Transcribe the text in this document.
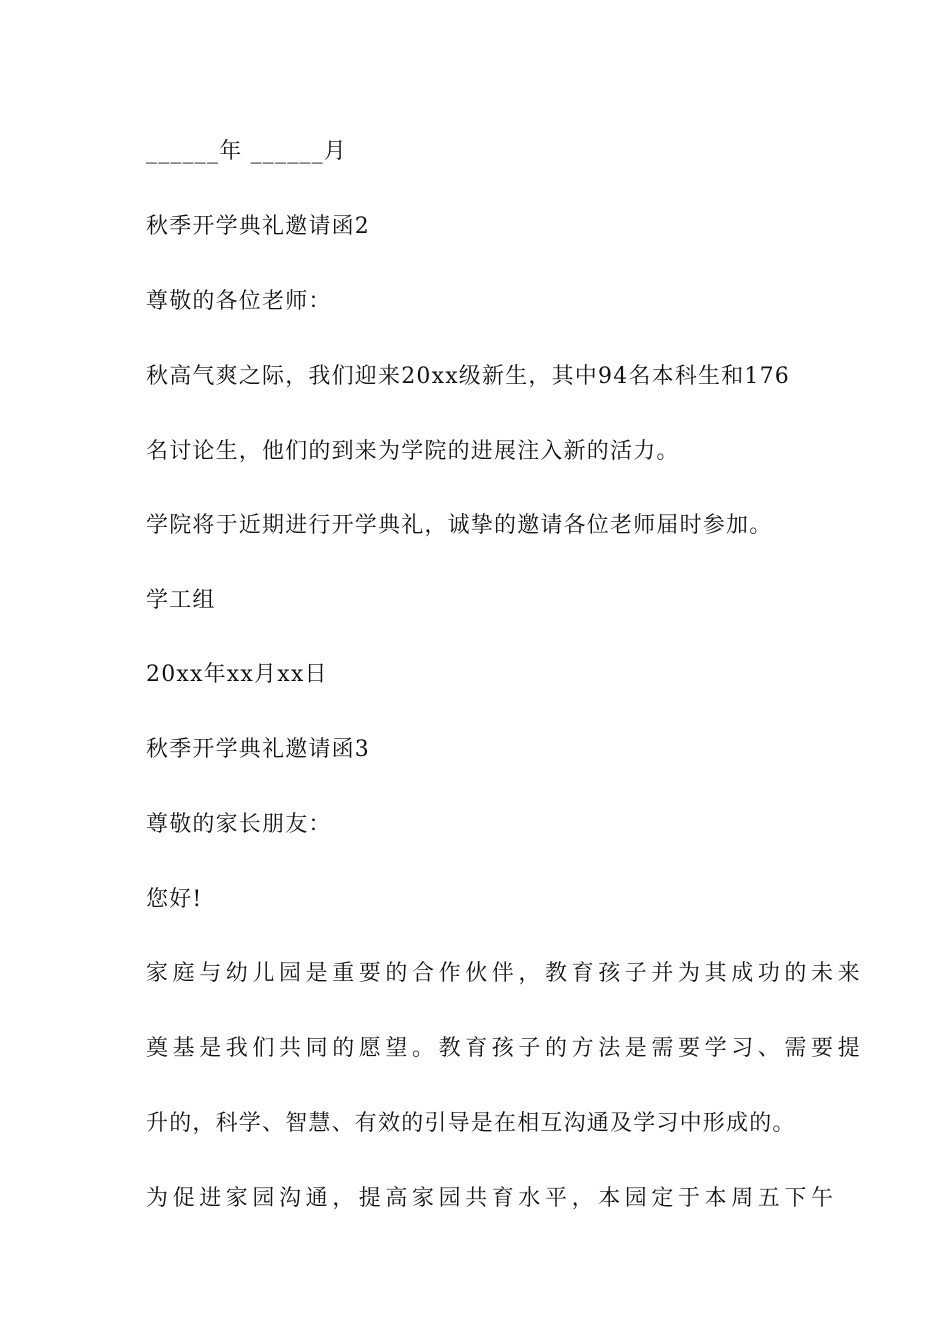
______年 ______月
秋季开学典礼邀请函2
尊敬的各位老师：
秋高气爽之际，我们迎来20xx级新生，其中94名本科生和176
名讨论生，他们的到来为学院的进展注入新的活力。
学院将于近期进行开学典礼，诚挚的邀请各位老师届时参加。
学工组
20xx年xx月xx日
秋季开学典礼邀请函3
尊敬的家长朋友：
您好!
家庭与幼儿园是重要的合作伙伴，教育孩子并为其成功的未来
奠基是我们共同的愿望。教育孩子的方法是需要学习、需要提
升的，科学、智慧、有效的引导是在相互沟通及学习中形成的。
为促进家园沟通，提高家园共育水平，本园定于本周五下午
